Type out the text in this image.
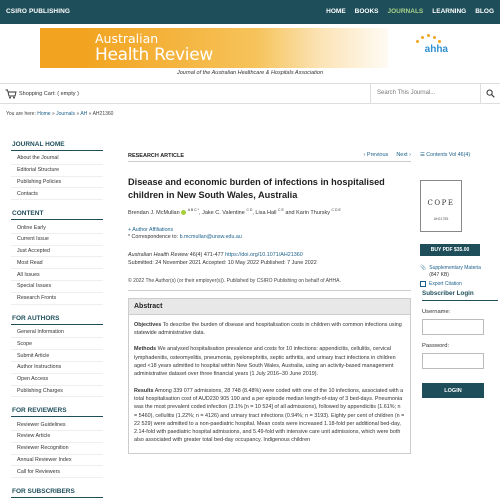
CSIRO PUBLISHING	HOME BOOKS JOURNALS LEARNING BLOG
Australian
Health Review	ahha
Journal of the Australian Healthcare & Hospitals Association
Shopping Cart: ( empty )	Search This Journal...
You are here: Home » Journals » AH » AH21360
JOURNAL HOME
About the Journal
Editorial Structure
Publishing Policies
Contacts
CONTENT
Online Early
Current Issue
Just Accepted
Most Read
All Issues
Special Issues
Research Fronts
FOR AUTHORS
General Information
Scope
Submit Article
Author Instructions
Open Access
Publishing Charges
FOR REVIEWERS
Reviewer Guidelines
Review Article
Reviewer Recognition
Annual Reviewer Index
Call for Reviewers
FOR SUBSCRIBERS
RESEARCH ARTICLE	‹ Previous Next ›
Disease and economic burden of infections in hospitalised children in New South Wales, Australia
Brendan J. McMullan $^{A B C *}$, Jake C. Valentine $^{C D}$, Lisa Hall $^{C E}$ and Karin Thursky $^{C D E}$
+ Author Affiliations
* Correspondence to: b.mcmullan@unsw.edu.au
Australian Health Review 46(4) 471-477 https://doi.org/10.1071/AH21360
Submitted: 24 November 2021 Accepted: 10 May 2022 Published: 7 June 2022
© 2022 The Author(s) (or their employer(s)). Published by CSIRO Publishing on behalf of AHHA.
Abstract

Objectives To describe the burden of disease and hospitalisation costs in children with common infections using statewide administrative data.

Methods We analysed hospitalisation prevalence and costs for 10 infections: appendicitis, cellulitis, cervical lymphadenitis, osteomyelitis, pneumonia, pyelonephritis, septic arthritis, and urinary tract infections in children aged <18 years admitted to hospital within New South Wales, Australia, using an activity-based management administrative dataset over three financial years (1 July 2016–30 June 2019).

Results Among 339 077 admissions, 28 748 (8.48%) were coded with one of the 10 infections, associated with a total hospitalisation cost of AUD230 905 190 and a per episode median length-of-stay of 3 bed-days. Pneumonia was the most prevalent coded infection (3.1% [n = 10 524] of all admissions), followed by appendicitis (1.61%; n = 5460), cellulitis (1.22%; n = 4126) and urinary tract infections (0.94%; n = 3193). Eighty per cent of children (n = 22 529) were admitted to a non-paediatric hospital. Mean costs were increased 1.18-fold per additional bed-day, 2.14-fold with paediatric hospital admissions, and 5.49-fold with intensive care unit admissions, which were both also associated with greater total bed-day occupancy. Indigenous children

☰ Contents Vol 46(4)
COPE
AH21755
BUY PDF $35.00
📎 Supplementary Materia
(847 KB)
Export Citation
Subscriber Login
Username:
Password:
LOGIN
